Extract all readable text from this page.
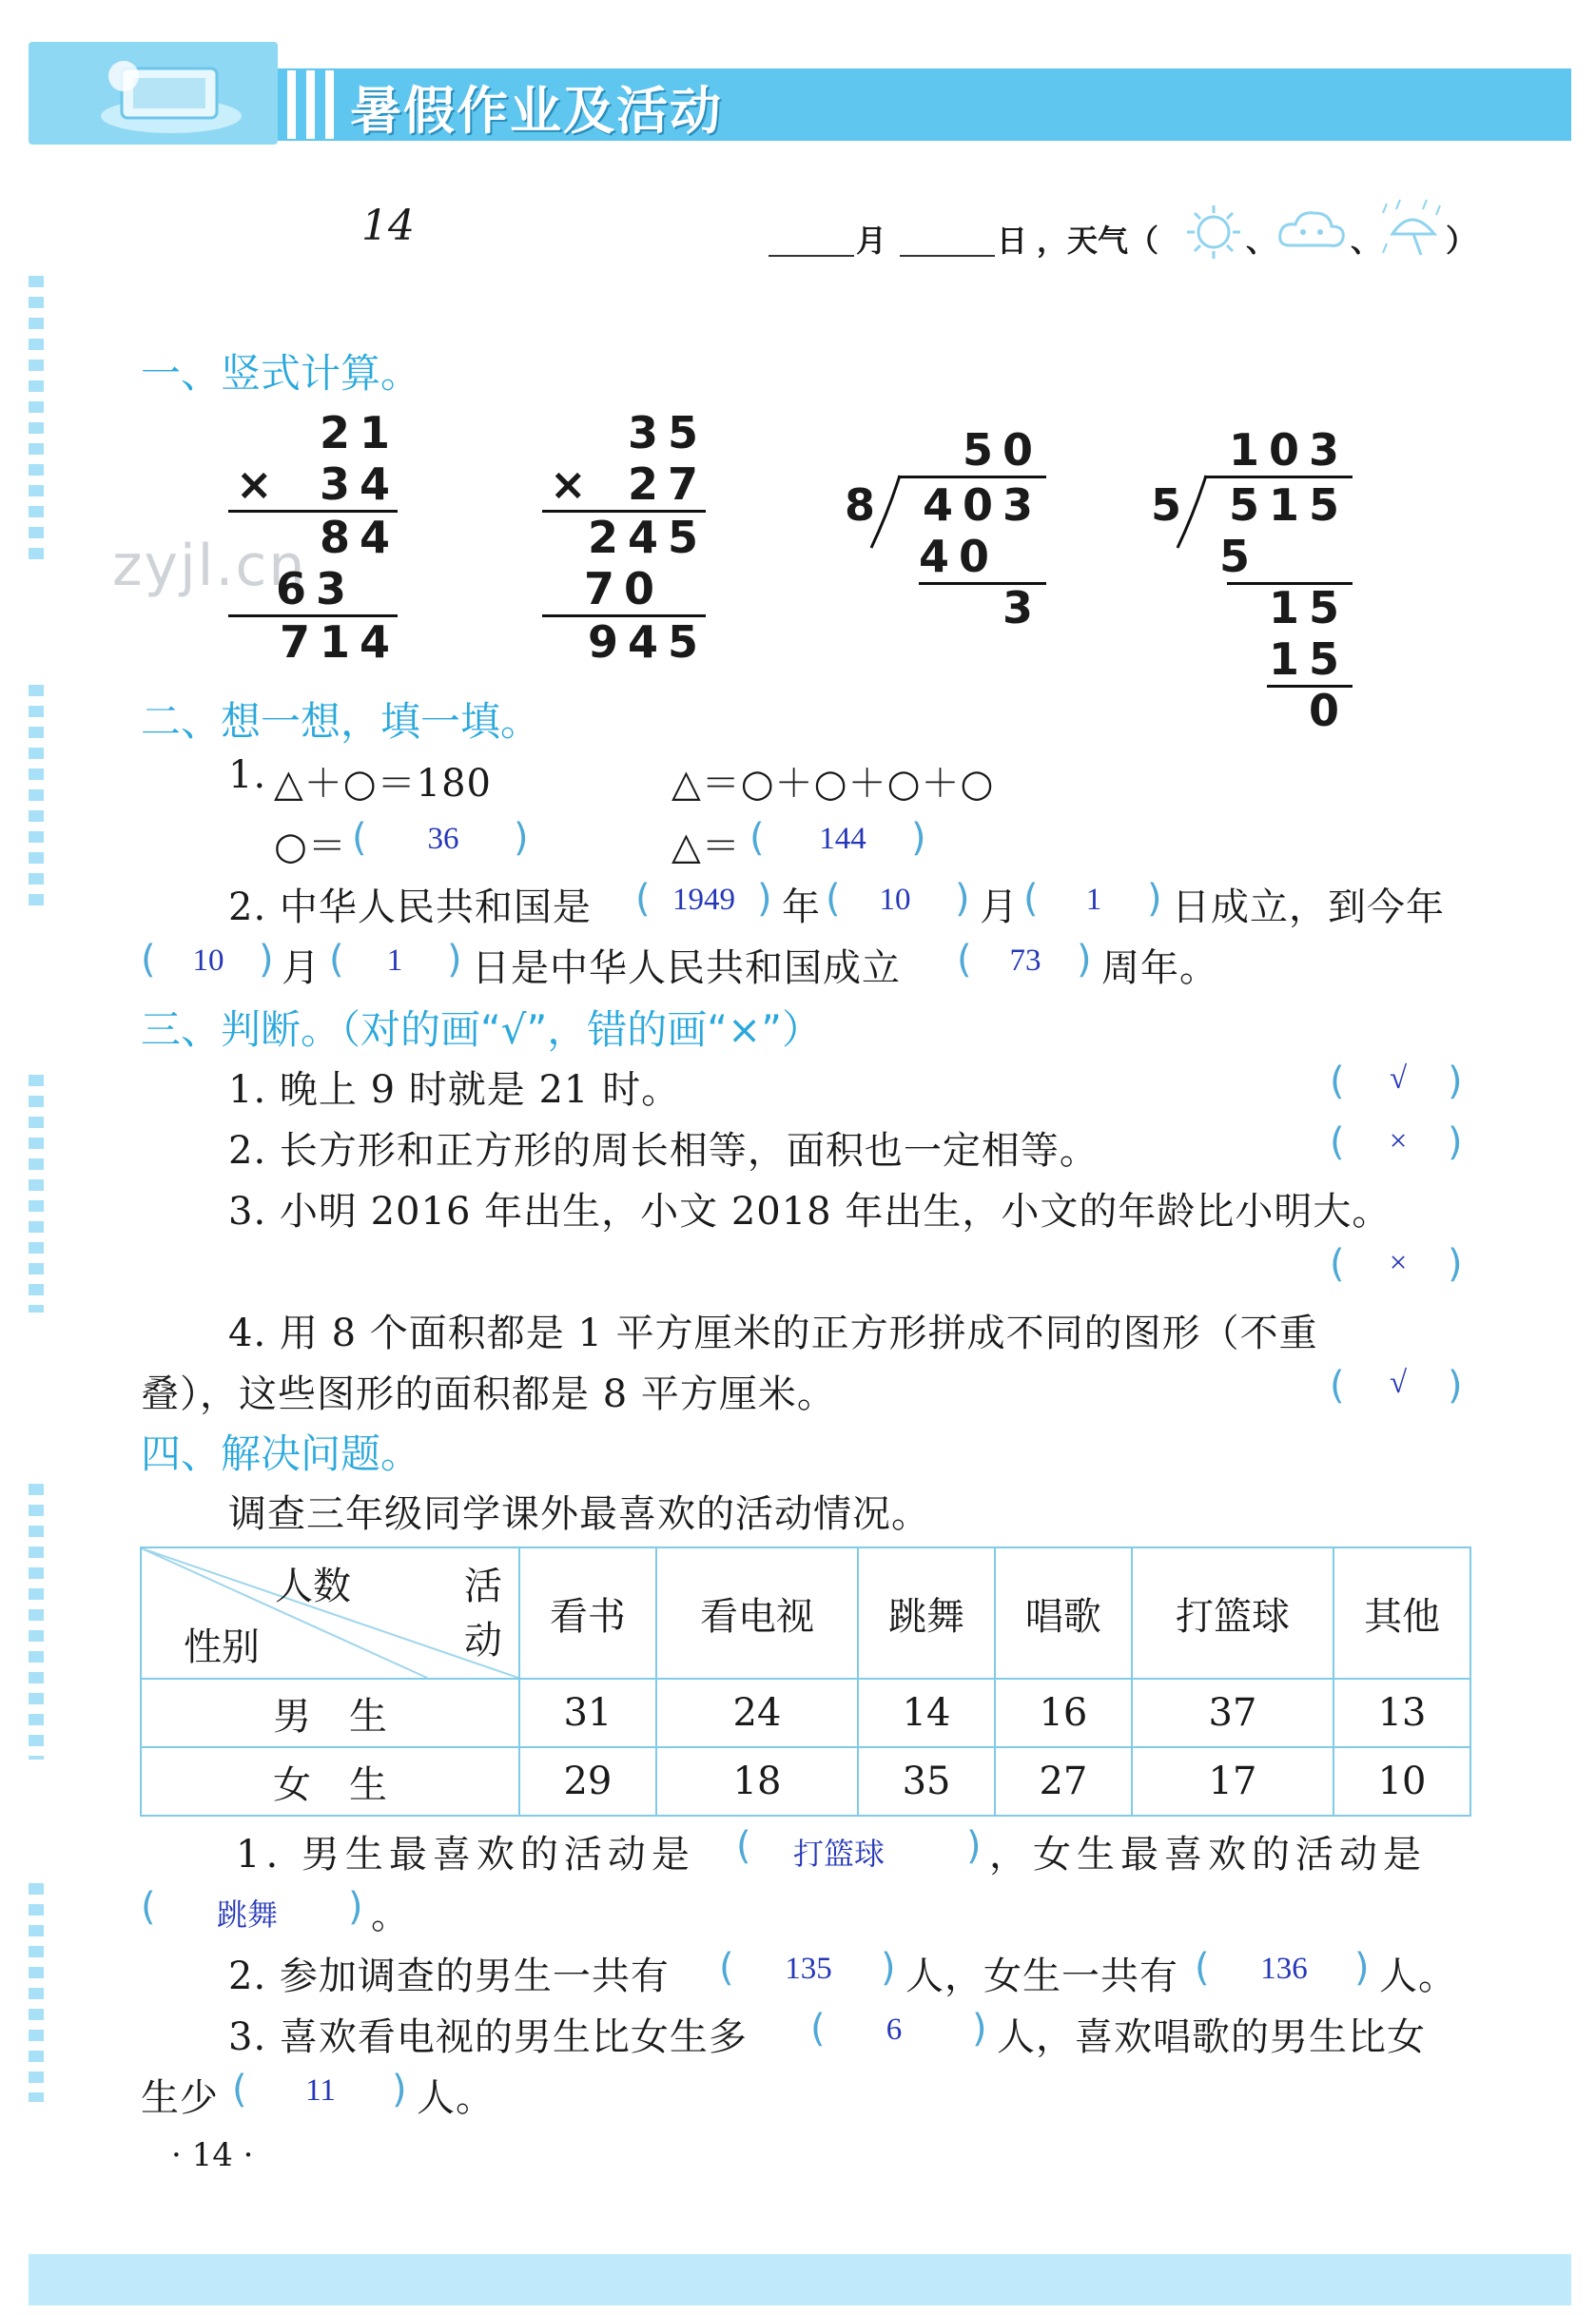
暑假作业及活动
14	月	日 ，天气（	、 、 ）
一、竖式计算。
zyjl.cn
21
×	34
84
63
714
35
× 27
245
70
945
50
8	403
40
3
103
5	515
5
15
15
0
二、想一想，填一填。
1. △＋○＝180	△＝○＋○＋○＋○
○＝ (	36	)	△＝ (	144	)
2. 中华人民共和国是 ( 1949 ) 年 (	10	) 月 (	1	) 日成立，到今年
(	10 ) 月 (	1	) 日是中华人民共和国成立 (	73 ) 周年。
三、判断。（对的画“√”，错的画“×”）
1. 晚上 9 时就是 21 时。	(	√	)
2. 长方形和正方形的周长相等，面积也一定相等。	(	×	)
3. 小明 2016 年出生，小文 2018 年出生，小文的年龄比小明大。
(	×	)
4. 用 8 个面积都是 1 平方厘米的正方形拼成不同的图形（不重
叠），这些图形的面积都是 8 平方厘米。	(	√	)
四、解决问题。
调查三年级同学课外最喜欢的活动情况。
人数 活动
性别	看书	看电视	跳舞	唱歌	打篮球	其他
男　生	31	24	14	16	37	13
女　生	29	18	35	27	17	10
1. 男生最喜欢的活动是 ( 打篮球 ) ，女生最喜欢的活动是
( 跳舞 ) 。
2. 参加调查的男生一共有 (	135	) 人，女生一共有 (	136	) 人。
3. 喜欢看电视的男生比女生多 (	6	) 人，喜欢唱歌的男生比女
生少 (	11	) 人。
· 14 ·
